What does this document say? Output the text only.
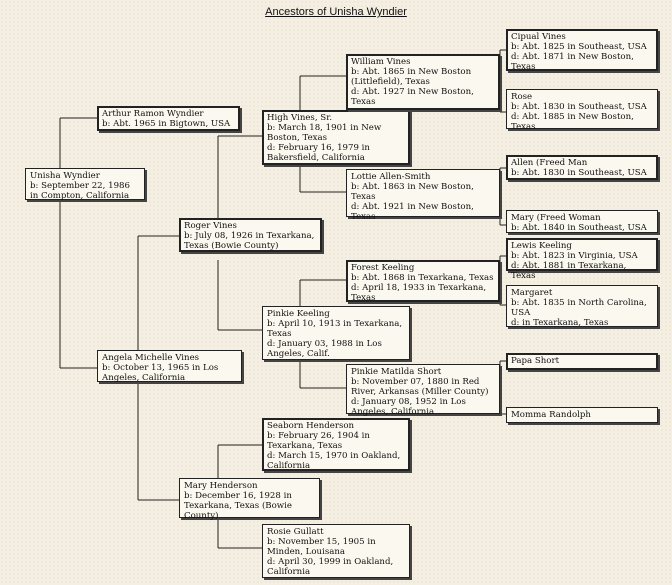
Ancestors of Unisha Wyndier
Unisha Wyndier
b: September 22, 1986 in Compton, California
Arthur Ramon Wyndier
b: Abt. 1965 in Bigtown, USA
Angela Michelle Vines
b: October 13, 1965 in Los Angeles, California
Roger Vines
b: July 08, 1926 in Texarkana, Texas (Bowie County)
Mary Henderson
b: December 16, 1928 in Texarkana, Texas (Bowie County)
High Vines, Sr.
b: March 18, 1901 in New Boston, Texas
d: February 16, 1979 in Bakersfield, California
Pinkie Keeling
b: April 10, 1913 in Texarkana, Texas
d: January 03, 1988 in Los Angeles, Calif.
Seaborn Henderson
b: February 26, 1904 in Texarkana, Texas
d: March 15, 1970 in Oakland, California
Rosie Gullatt
b: November 15, 1905 in Minden, Louisana
d: April 30, 1999 in Oakland, California
William Vines
b: Abt. 1865 in New Boston (Littlefield), Texas
d: Abt. 1927 in New Boston, Texas
Lottie Allen-Smith
b: Abt. 1863 in New Boston, Texas
d: Abt. 1921 in New Boston, Texas
Forest Keeling
b: Abt. 1868 in Texarkana, Texas
d: April 18, 1933 in Texarkana, Texas
Pinkie Matilda Short
b: November 07, 1880 in Red River, Arkansas (Miller County)
d: January 08, 1952 in Los Angeles, California
Cipual Vines
b: Abt. 1825 in Southeast, USA
d: Abt. 1871 in New Boston, Texas
Rose
b: Abt. 1830 in Southeast, USA
d: Abt. 1885 in New Boston, Texas
Allen (Freed Man
b: Abt. 1830 in Southeast, USA
Mary (Freed Woman
b: Abt. 1840 in Southeast, USA
Lewis Keeling
b: Abt. 1823 in Virginia, USA
d: Abt. 1881 in Texarkana, Texas
Margaret
b: Abt. 1835 in North Carolina, USA
d: in Texarkana, Texas
Papa Short
Momma Randolph
